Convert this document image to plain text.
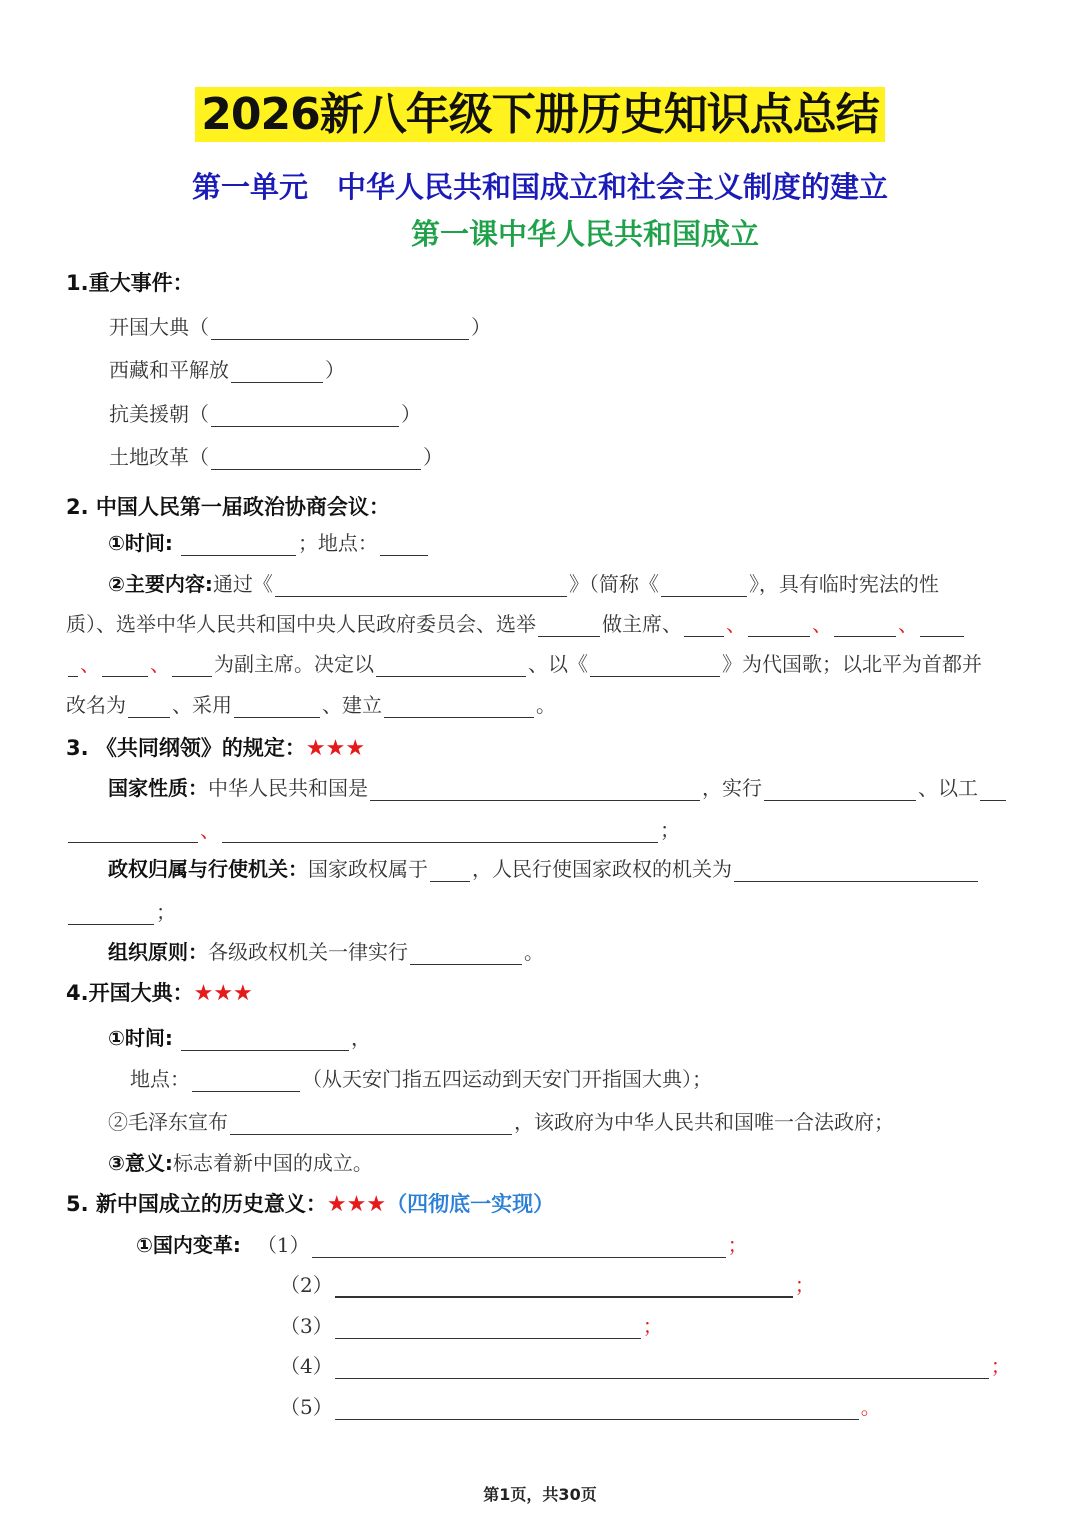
2026新八年级下册历史知识点总结
第一单元　中华人民共和国成立和社会主义制度的建立
第一课中华人民共和国成立
1.重大事件：
开国大典（	）
西藏和平解放	）
抗美援朝（	）
土地改革（	）
2. 中国人民第一届政治协商会议：
①时间:	；地点：
②主要内容:通过《	》（简称《	》，具有临时宪法的性
质）、选举中华人民共和国中央人民政府委员会、选举	做主席、 、	、	、
、	、 为副主席。决定以	、以《	》为代国歌；以北平为首都并
改名为 、采用	、建立	。
3. 《共同纲领》的规定：★★★
国家性质：中华人民共和国是	，实行	、以工
、	；
政权归属与行使机关：国家政权属于 ，人民行使国家政权的机关为
；
组织原则：各级政权机关一律实行	。
4.开国大典：★★★
①时间:	，
地点：	（从天安门指五四运动到天安门开指国大典）；
②毛泽东宣布	，该政府为中华人民共和国唯一合法政府；
③意义:标志着新中国的成立。
5. 新中国成立的历史意义：★★★（四彻底一实现）
①国内变革: （1）	；
（2）	；
（3）	；
（4）	；
（5）	。
第1页，共30页
